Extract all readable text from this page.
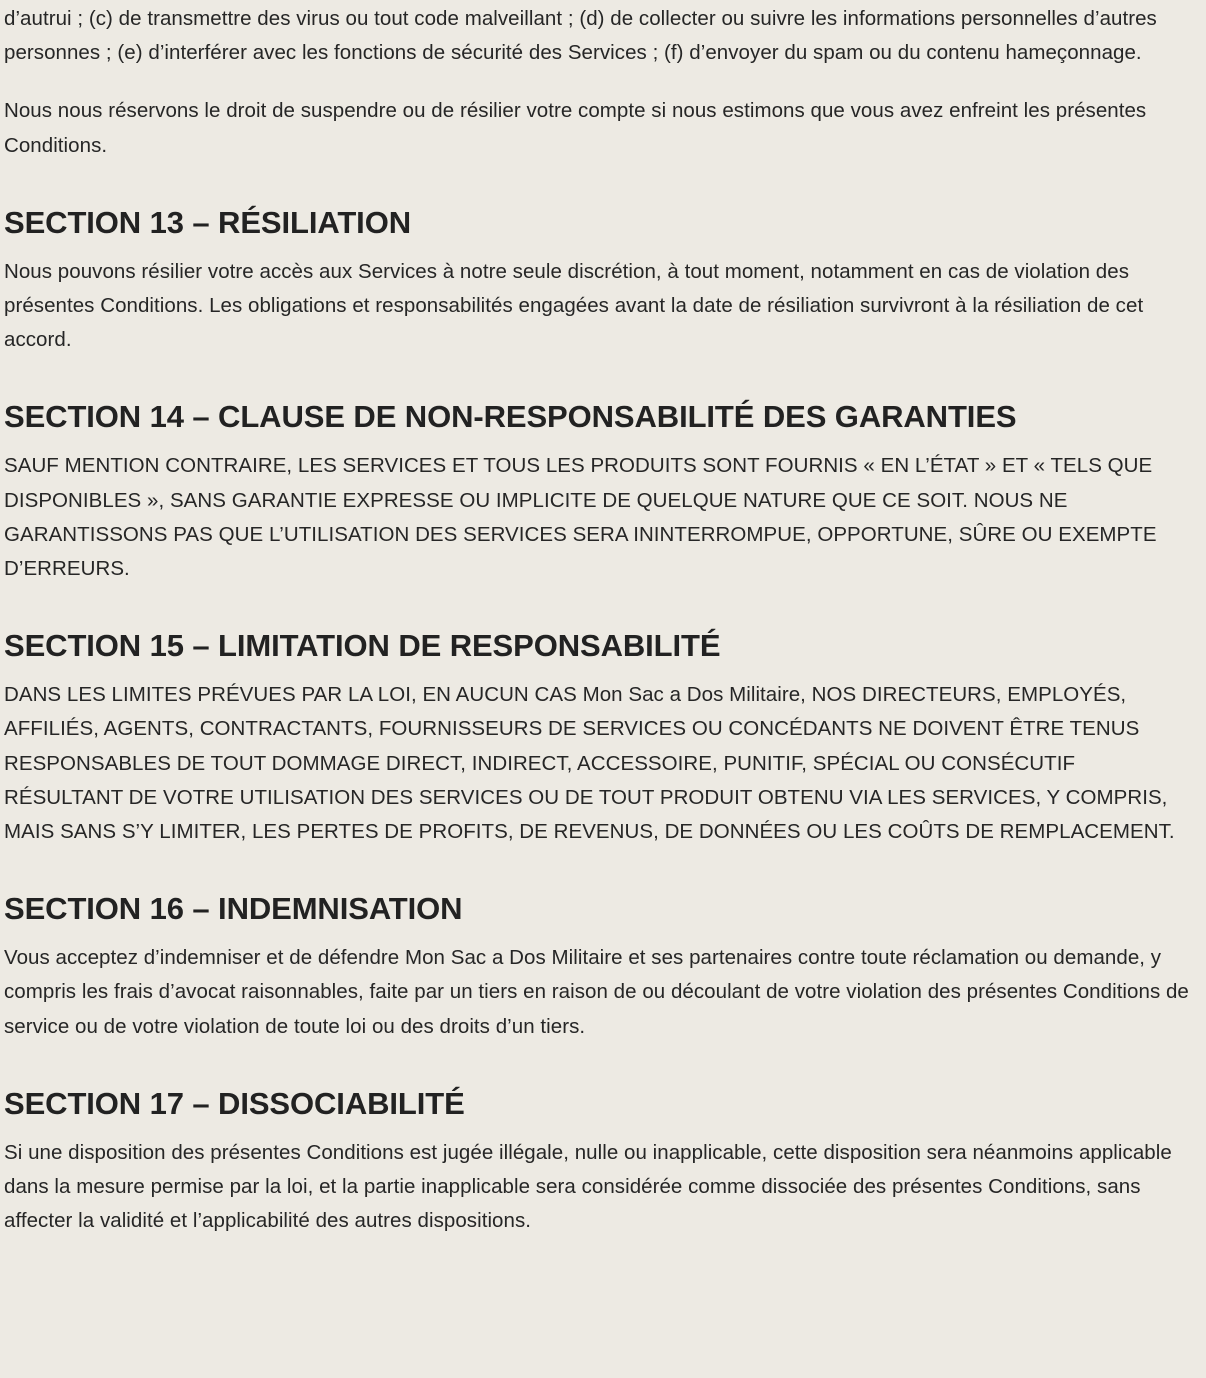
d’autrui ; (c) de transmettre des virus ou tout code malveillant ; (d) de collecter ou suivre les informations personnelles d’autres personnes ; (e) d’interférer avec les fonctions de sécurité des Services ; (f) d’envoyer du spam ou du contenu hameçonnage.

Nous nous réservons le droit de suspendre ou de résilier votre compte si nous estimons que vous avez enfreint les présentes Conditions.

SECTION 13 – RÉSILIATION

Nous pouvons résilier votre accès aux Services à notre seule discrétion, à tout moment, notamment en cas de violation des présentes Conditions. Les obligations et responsabilités engagées avant la date de résiliation survivront à la résiliation de cet accord.

SECTION 14 – CLAUSE DE NON-RESPONSABILITÉ DES GARANTIES

SAUF MENTION CONTRAIRE, LES SERVICES ET TOUS LES PRODUITS SONT FOURNIS « EN L’ÉTAT » ET « TELS QUE DISPONIBLES », SANS GARANTIE EXPRESSE OU IMPLICITE DE QUELQUE NATURE QUE CE SOIT. NOUS NE GARANTISSONS PAS QUE L’UTILISATION DES SERVICES SERA ININTERROMPUE, OPPORTUNE, SÛRE OU EXEMPTE D’ERREURS.

SECTION 15 – LIMITATION DE RESPONSABILITÉ

DANS LES LIMITES PRÉVUES PAR LA LOI, EN AUCUN CAS Mon Sac a Dos Militaire, NOS DIRECTEURS, EMPLOYÉS, AFFILIÉS, AGENTS, CONTRACTANTS, FOURNISSEURS DE SERVICES OU CONCÉDANTS NE DOIVENT ÊTRE TENUS RESPONSABLES DE TOUT DOMMAGE DIRECT, INDIRECT, ACCESSOIRE, PUNITIF, SPÉCIAL OU CONSÉCUTIF RÉSULTANT DE VOTRE UTILISATION DES SERVICES OU DE TOUT PRODUIT OBTENU VIA LES SERVICES, Y COMPRIS, MAIS SANS S’Y LIMITER, LES PERTES DE PROFITS, DE REVENUS, DE DONNÉES OU LES COÛTS DE REMPLACEMENT.

SECTION 16 – INDEMNISATION

Vous acceptez d’indemniser et de défendre Mon Sac a Dos Militaire et ses partenaires contre toute réclamation ou demande, y compris les frais d’avocat raisonnables, faite par un tiers en raison de ou découlant de votre violation des présentes Conditions de service ou de votre violation de toute loi ou des droits d’un tiers.

SECTION 17 – DISSOCIABILITÉ

Si une disposition des présentes Conditions est jugée illégale, nulle ou inapplicable, cette disposition sera néanmoins applicable dans la mesure permise par la loi, et la partie inapplicable sera considérée comme dissociée des présentes Conditions, sans affecter la validité et l’applicabilité des autres dispositions.
